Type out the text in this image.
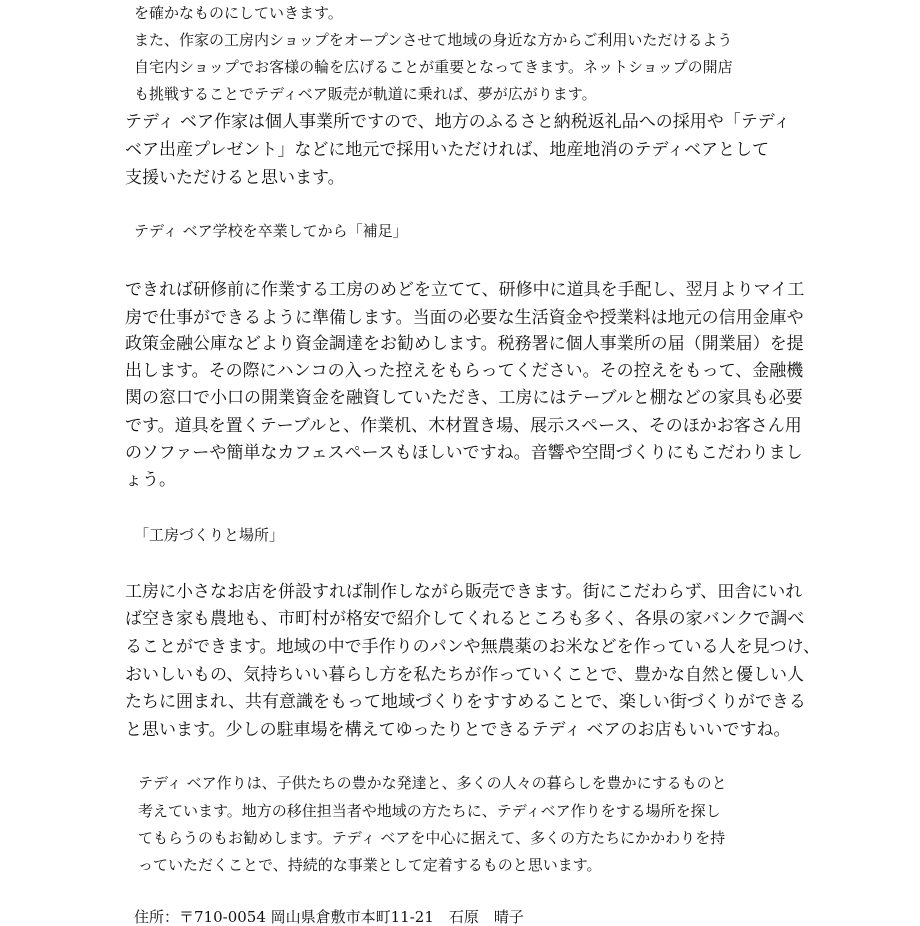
を確かなものにしていきます。

また、作家の工房内ショップをオープンさせて地域の身近な方からご利用いただけるよう

自宅内ショップでお客様の輪を広げることが重要となってきます。ネットショップの開店

も挑戦することでテディベア販売が軌道に乗れば、夢が広がります。

テディ ベア作家は個人事業所ですので、地方のふるさと納税返礼品への採用や「テディ

ベア出産プレゼント」などに地元で採用いただければ、地産地消のテディベアとして

支援いただけると思います。

テディ ベア学校を卒業してから「補足」

できれば研修前に作業する工房のめどを立てて、研修中に道具を手配し、翌月よりマイ工

房で仕事ができるように準備します。当面の必要な生活資金や授業料は地元の信用金庫や

政策金融公庫などより資金調達をお勧めします。税務署に個人事業所の届（開業届）を提

出します。その際にハンコの入った控えをもらってください。その控えをもって、金融機

関の窓口で小口の開業資金を融資していただき、工房にはテーブルと棚などの家具も必要

です。道具を置くテーブルと、作業机、木材置き場、展示スペース、そのほかお客さん用

のソファーや簡単なカフェスペースもほしいですね。音響や空間づくりにもこだわりまし

ょう。

「工房づくりと場所」

工房に小さなお店を併設すれば制作しながら販売できます。街にこだわらず、田舎にいれ

ば空き家も農地も、市町村が格安で紹介してくれるところも多く、各県の家バンクで調べ

ることができます。地域の中で手作りのパンや無農薬のお米などを作っている人を見つけ、

おいしいもの、気持ちいい暮らし方を私たちが作っていくことで、豊かな自然と優しい人

たちに囲まれ、共有意識をもって地域づくりをすすめることで、楽しい街づくりができる

と思います。少しの駐車場を構えてゆったりとできるテディ ベアのお店もいいですね。

テディ ベア作りは、子供たちの豊かな発達と、多くの人々の暮らしを豊かにするものと

考えています。地方の移住担当者や地域の方たちに、テディベア作りをする場所を探し

てもらうのもお勧めします。テディ ベアを中心に据えて、多くの方たちにかかわりを持

っていただくことで、持続的な事業として定着するものと思います。

住所：〒710-0054 岡山県倉敷市本町11-21　石原　晴子
